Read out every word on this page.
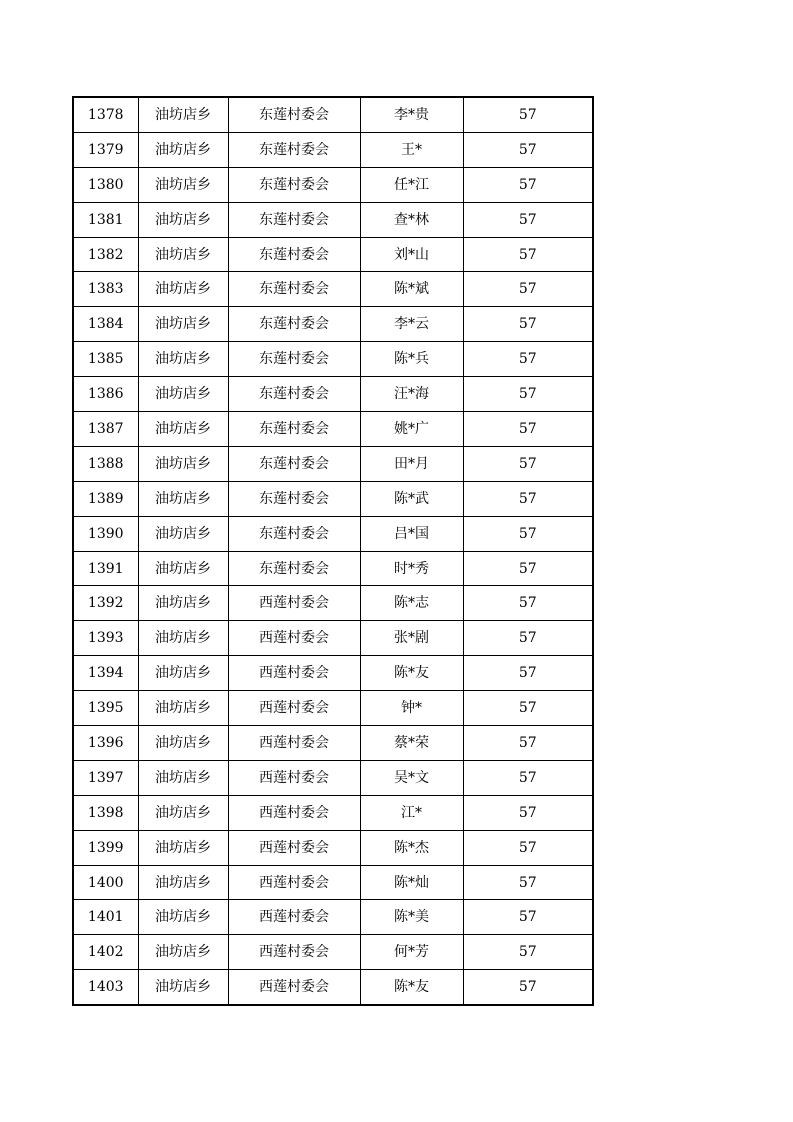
1378	油坊店乡	东莲村委会	李*贵	57
1379	油坊店乡	东莲村委会	王*	57
1380	油坊店乡	东莲村委会	任*江	57
1381	油坊店乡	东莲村委会	查*林	57
1382	油坊店乡	东莲村委会	刘*山	57
1383	油坊店乡	东莲村委会	陈*斌	57
1384	油坊店乡	东莲村委会	李*云	57
1385	油坊店乡	东莲村委会	陈*兵	57
1386	油坊店乡	东莲村委会	汪*海	57
1387	油坊店乡	东莲村委会	姚*广	57
1388	油坊店乡	东莲村委会	田*月	57
1389	油坊店乡	东莲村委会	陈*武	57
1390	油坊店乡	东莲村委会	吕*国	57
1391	油坊店乡	东莲村委会	时*秀	57
1392	油坊店乡	西莲村委会	陈*志	57
1393	油坊店乡	西莲村委会	张*剧	57
1394	油坊店乡	西莲村委会	陈*友	57
1395	油坊店乡	西莲村委会	钟*	57
1396	油坊店乡	西莲村委会	蔡*荣	57
1397	油坊店乡	西莲村委会	吴*文	57
1398	油坊店乡	西莲村委会	江*	57
1399	油坊店乡	西莲村委会	陈*杰	57
1400	油坊店乡	西莲村委会	陈*灿	57
1401	油坊店乡	西莲村委会	陈*美	57
1402	油坊店乡	西莲村委会	何*芳	57
1403	油坊店乡	西莲村委会	陈*友	57
